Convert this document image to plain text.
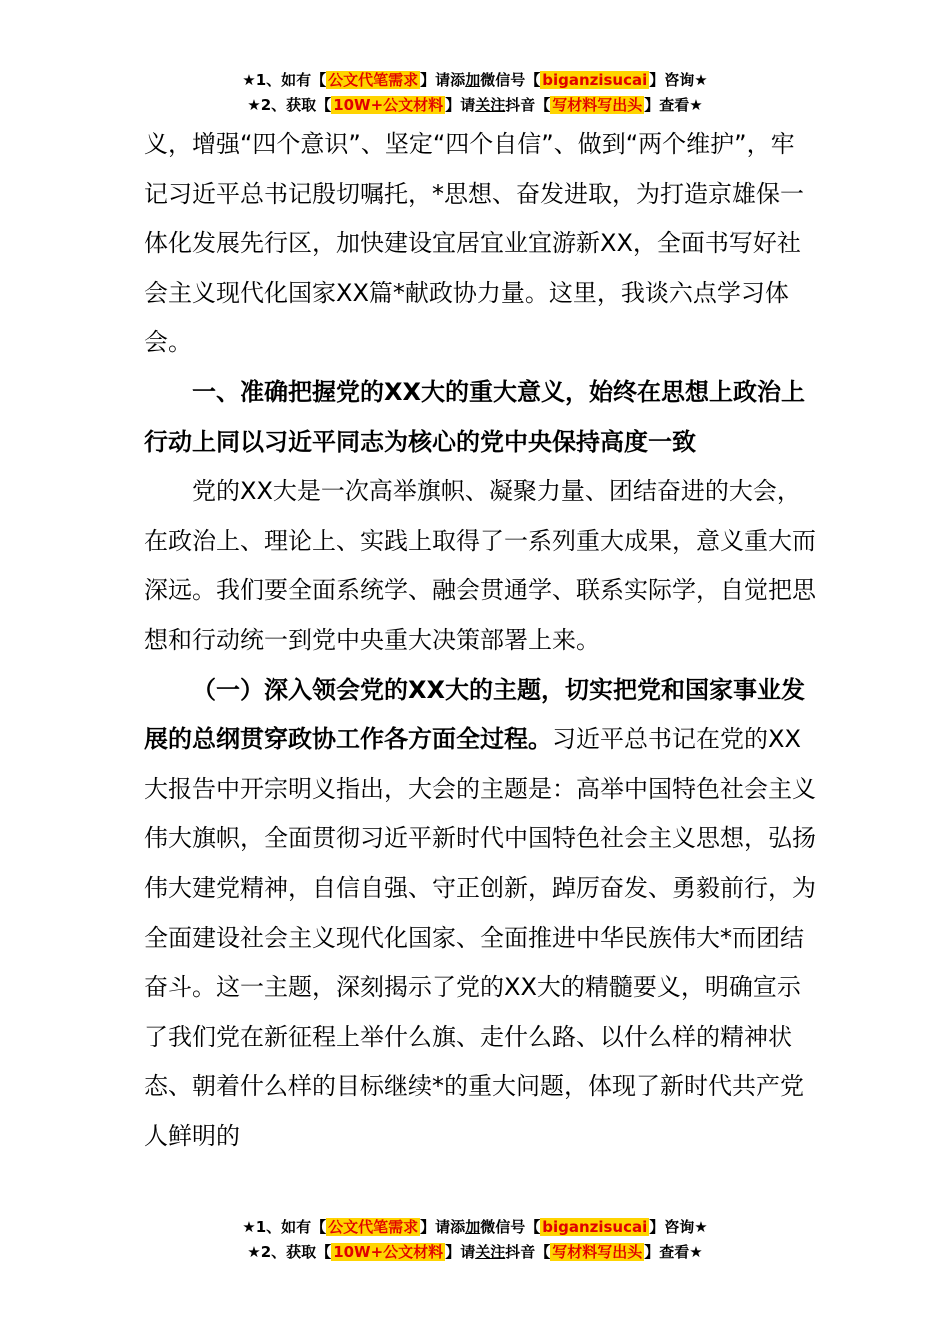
★1、如有【 公文代笔需求 】请添加微信号【 biganzisucai 】咨询★
★2、获取【 10W+公文材料 】请关注抖音【 写材料写出头 】查看★

义，增强“四个意识”、坚定“四个自信”、做到“两个维护”，牢记习近平总书记殷切嘱托，*思想、奋发进取，为打造京雄保一体化发展先行区，加快建设宜居宜业宜游新XX，全面书写好社会主义现代化国家XX篇*献政协力量。这里，我谈六点学习体会。

一、准确把握党的XX大的重大意义，始终在思想上政治上行动上同以习近平同志为核心的党中央保持高度一致

党的XX大是一次高举旗帜、凝聚力量、团结奋进的大会，在政治上、理论上、实践上取得了一系列重大成果，意义重大而深远。我们要全面系统学、融会贯通学、联系实际学，自觉把思想和行动统一到党中央重大决策部署上来。

（一）深入领会党的XX大的主题，切实把党和国家事业发展的总纲贯穿政协工作各方面全过程。习近平总书记在党的XX大报告中开宗明义指出，大会的主题是：高举中国特色社会主义伟大旗帜，全面贯彻习近平新时代中国特色社会主义思想，弘扬伟大建党精神，自信自强、守正创新，踔厉奋发、勇毅前行，为全面建设社会主义现代化国家、全面推进中华民族伟大*而团结奋斗。这一主题，深刻揭示了党的XX大的精髓要义，明确宣示了我们党在新征程上举什么旗、走什么路、以什么样的精神状态、朝着什么样的目标继续*的重大问题，体现了新时代共产党人鲜明的

★1、如有【 公文代笔需求 】请添加微信号【 biganzisucai 】咨询★
★2、获取【 10W+公文材料 】请关注抖音【 写材料写出头 】查看★
